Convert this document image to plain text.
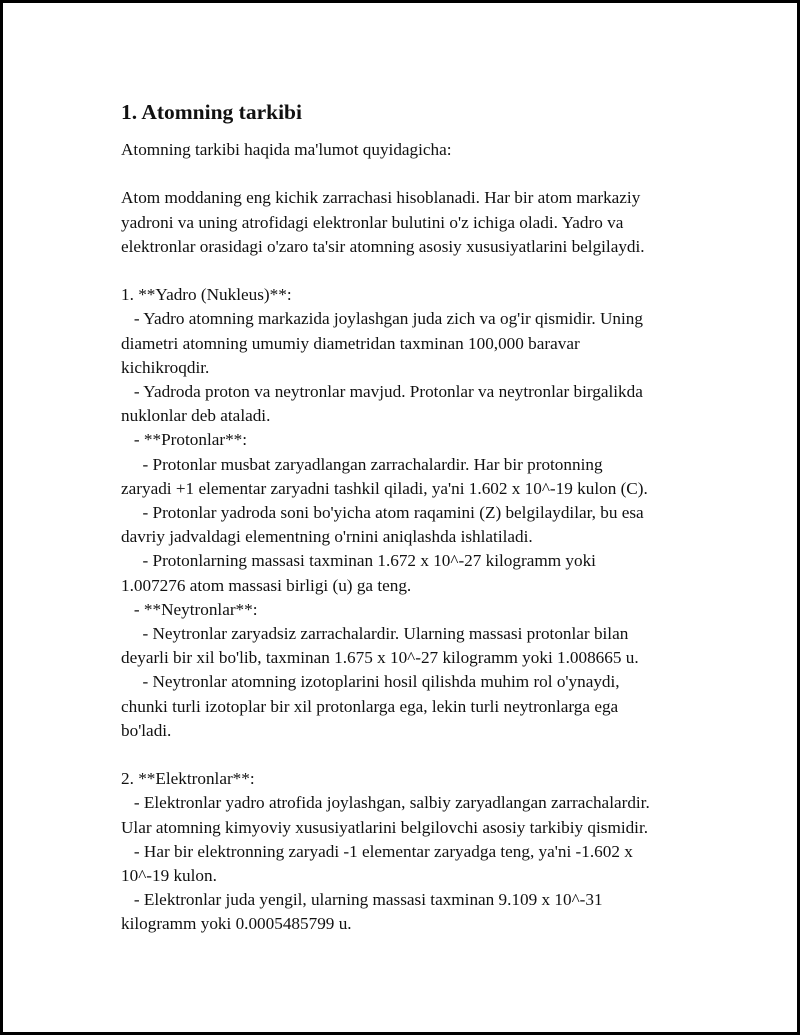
1. Atomning tarkibi
Atomning tarkibi haqida ma'lumot quyidagicha:
Atom moddaning eng kichik zarrachasi hisoblanadi. Har bir atom markaziy
yadroni va uning atrofidagi elektronlar bulutini o'z ichiga oladi. Yadro va
elektronlar orasidagi o'zaro ta'sir atomning asosiy xususiyatlarini belgilaydi.
1. **Yadro (Nukleus)**:
- Yadro atomning markazida joylashgan juda zich va og'ir qismidir. Uning
diametri atomning umumiy diametridan taxminan 100,000 baravar
kichikroqdir.
- Yadroda proton va neytronlar mavjud. Protonlar va neytronlar birgalikda
nuklonlar deb ataladi.
- **Protonlar**:
- Protonlar musbat zaryadlangan zarrachalardir. Har bir protonning
zaryadi +1 elementar zaryadni tashkil qiladi, ya'ni 1.602 x 10^-19 kulon (C).
- Protonlar yadroda soni bo'yicha atom raqamini (Z) belgilaydilar, bu esa
davriy jadvaldagi elementning o'rnini aniqlashda ishlatiladi.
- Protonlarning massasi taxminan 1.672 x 10^-27 kilogramm yoki
1.007276 atom massasi birligi (u) ga teng.
- **Neytronlar**:
- Neytronlar zaryadsiz zarrachalardir. Ularning massasi protonlar bilan
deyarli bir xil bo'lib, taxminan 1.675 x 10^-27 kilogramm yoki 1.008665 u.
- Neytronlar atomning izotoplarini hosil qilishda muhim rol o'ynaydi,
chunki turli izotoplar bir xil protonlarga ega, lekin turli neytronlarga ega
bo'ladi.
2. **Elektronlar**:
- Elektronlar yadro atrofida joylashgan, salbiy zaryadlangan zarrachalardir.
Ular atomning kimyoviy xususiyatlarini belgilovchi asosiy tarkibiy qismidir.
- Har bir elektronning zaryadi -1 elementar zaryadga teng, ya'ni -1.602 x
10^-19 kulon.
- Elektronlar juda yengil, ularning massasi taxminan 9.109 x 10^-31
kilogramm yoki 0.0005485799 u.
